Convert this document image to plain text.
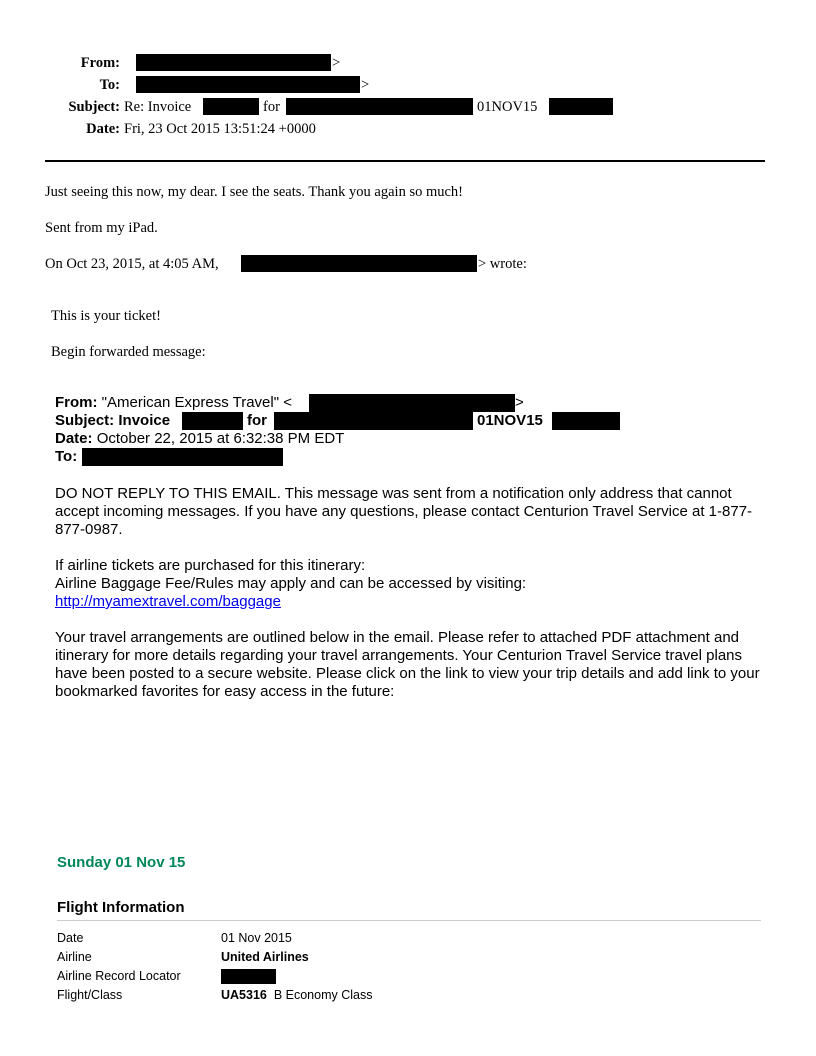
From:	>
To:	>
Subject: Re: Invoice	for	01NOV15
Date: Fri, 23 Oct 2015 13:51:24 +0000
Just seeing this now, my dear. I see the seats. Thank you again so much!
Sent from my iPad.
On Oct 23, 2015, at 4:05 AM,	> wrote:
This is your ticket!
Begin forwarded message:
From: "American Express Travel" <	>
Subject: Invoice	for	01NOV15
Date: October 22, 2015 at 6:32:38 PM EDT
To:
DO NOT REPLY TO THIS EMAIL. This message was sent from a notification only address that cannot accept incoming messages. If you have any questions, please contact Centurion Travel Service at 1-877-877-0987.
If airline tickets are purchased for this itinerary:
Airline Baggage Fee/Rules may apply and can be accessed by visiting:
http://myamextravel.com/baggage
Your travel arrangements are outlined below in the email. Please refer to attached PDF attachment and itinerary for more details regarding your travel arrangements. Your Centurion Travel Service travel plans have been posted to a secure website. Please click on the link to view your trip details and add link to your bookmarked favorites for easy access in the future:
Sunday 01 Nov 15
Flight Information
Date	01 Nov 2015
Airline	United Airlines
Airline Record Locator
Flight/Class	UA5316 B Economy Class
